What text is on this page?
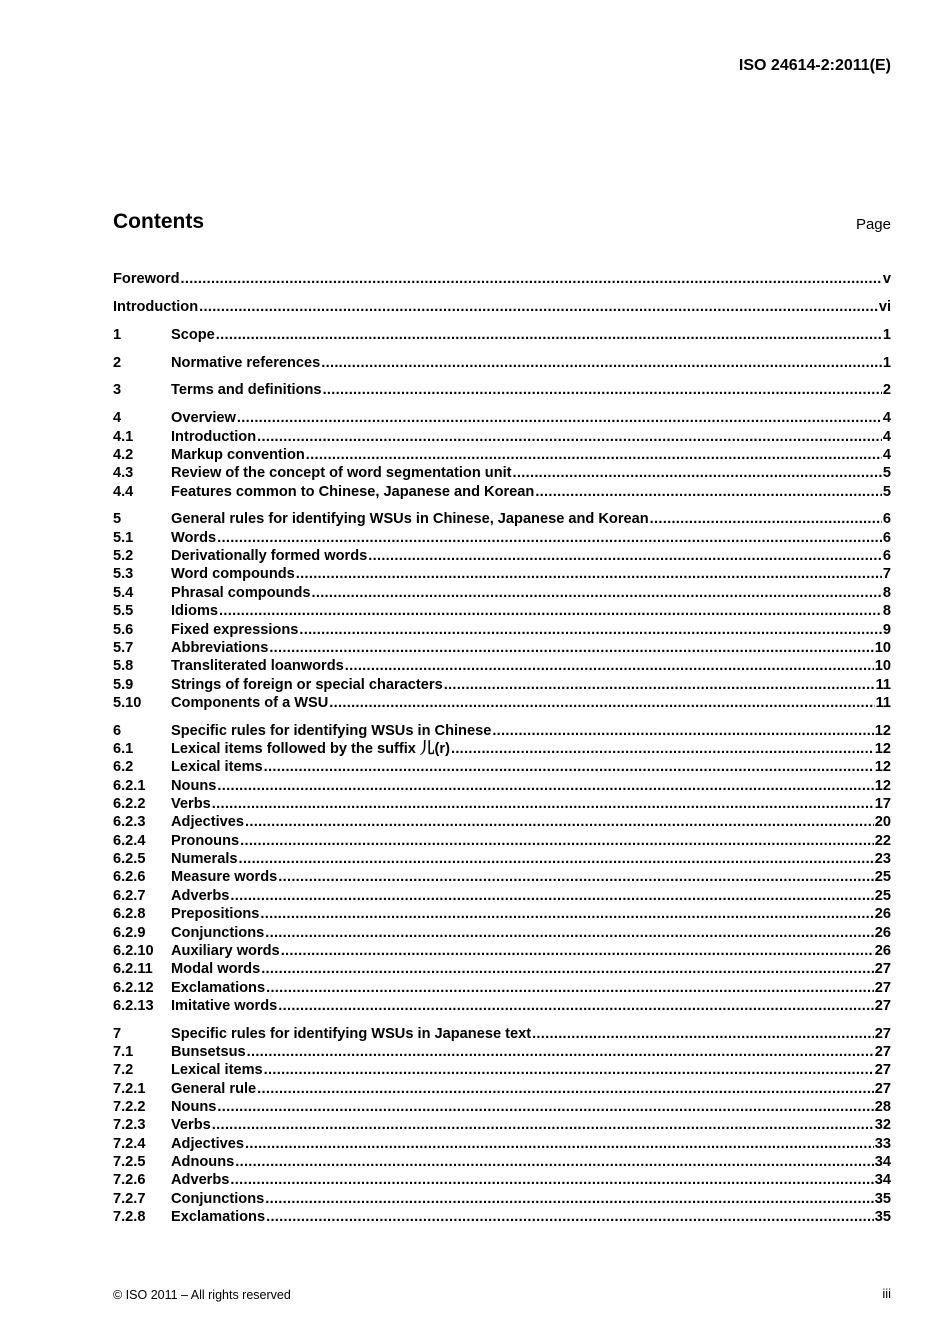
ISO 24614-2:2011(E)
Contents	Page
Foreword .....	v
Introduction .....	vi
1	Scope .....	1
2	Normative references .....	1
3	Terms and definitions .....	2
4	Overview .....	4
4.1	Introduction .....	4
4.2	Markup convention .....	4
4.3	Review of the concept of word segmentation unit .....	5
4.4	Features common to Chinese, Japanese and Korean .....	5
5	General rules for identifying WSUs in Chinese, Japanese and Korean .....	6
5.1	Words .....	6
5.2	Derivationally formed words .....	6
5.3	Word compounds .....	7
5.4	Phrasal compounds .....	8
5.5	Idioms .....	8
5.6	Fixed expressions .....	9
5.7	Abbreviations .....	10
5.8	Transliterated loanwords .....	10
5.9	Strings of foreign or special characters .....	11
5.10	Components of a WSU .....	11
6	Specific rules for identifying WSUs in Chinese .....	12
6.1	Lexical items followed by the suffix 儿(r) .....	12
6.2	Lexical items .....	12
6.2.1	Nouns .....	12
6.2.2	Verbs .....	17
6.2.3	Adjectives .....	20
6.2.4	Pronouns .....	22
6.2.5	Numerals .....	23
6.2.6	Measure words .....	25
6.2.7	Adverbs .....	25
6.2.8	Prepositions .....	26
6.2.9	Conjunctions .....	26
6.2.10	Auxiliary words .....	26
6.2.11	Modal words .....	27
6.2.12	Exclamations .....	27
6.2.13	Imitative words .....	27
7	Specific rules for identifying WSUs in Japanese text .....	27
7.1	Bunsetsus .....	27
7.2	Lexical items .....	27
7.2.1	General rule .....	27
7.2.2	Nouns .....	28
7.2.3	Verbs .....	32
7.2.4	Adjectives .....	33
7.2.5	Adnouns .....	34
7.2.6	Adverbs .....	34
7.2.7	Conjunctions .....	35
7.2.8	Exclamations .....	35
© ISO 2011 – All rights reserved	iii
